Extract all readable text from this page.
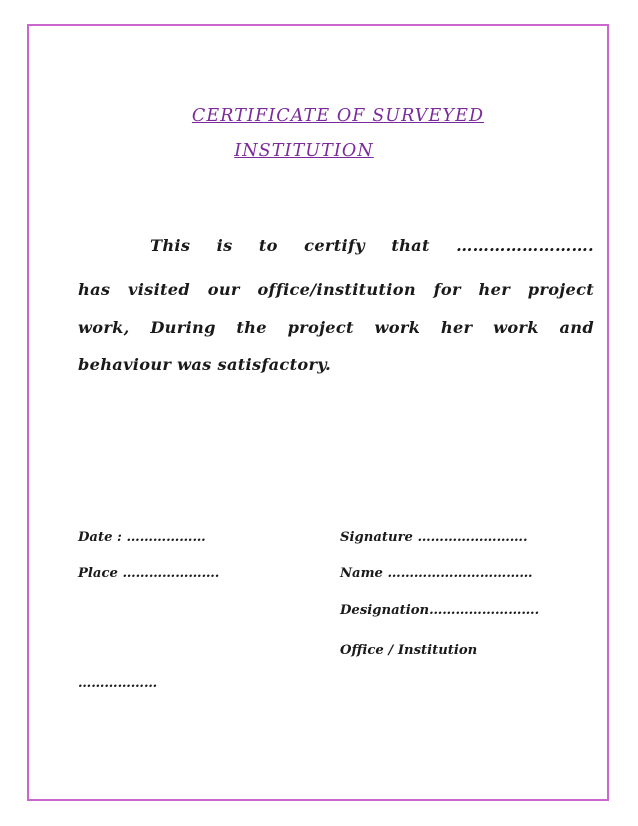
CERTIFICATE OF SURVEYED
INSTITUTION
This is to certify that …………………….
has visited our office/institution for her project
work, During the project work her work and
behaviour was satisfactory.
Date : ………………
Place ………………….
Signature …………………….
Name ……………………………
Designation…………………….
Office / Institution
………………
